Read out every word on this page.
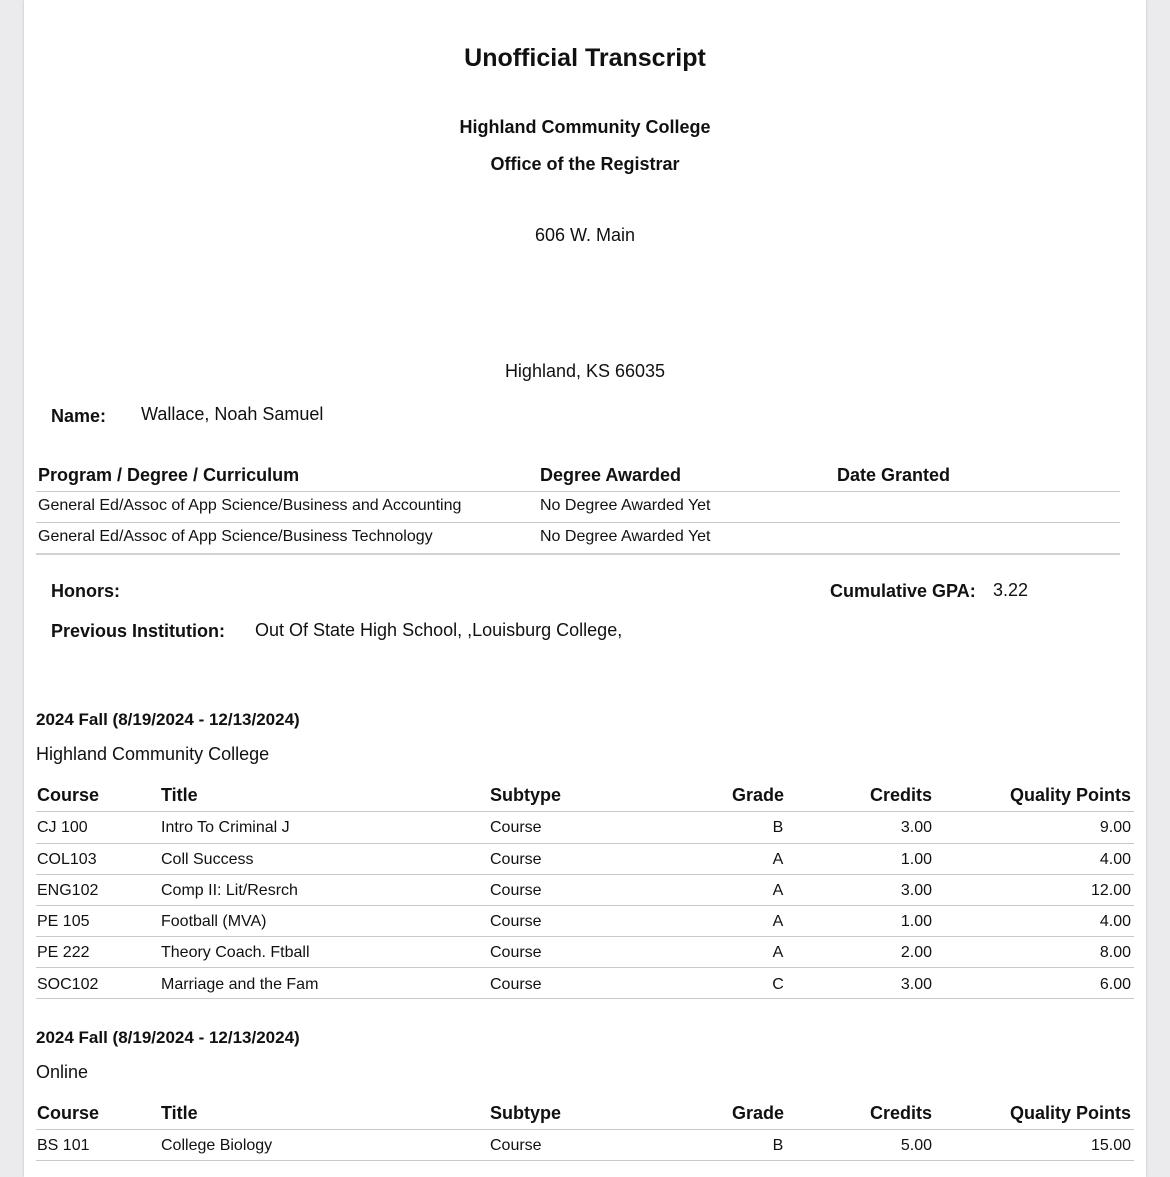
Unofficial Transcript
Highland Community College
Office of the Registrar
606 W. Main
Highland, KS 66035
Name: Wallace, Noah Samuel
Program / Degree / Curriculum	Degree Awarded	Date Granted
General Ed/Assoc of App Science/Business and Accounting	No Degree Awarded Yet
General Ed/Assoc of App Science/Business Technology	No Degree Awarded Yet
Honors:	Cumulative GPA: 3.22
Previous Institution: Out Of State High School, ,Louisburg College,
2024 Fall (8/19/2024 - 12/13/2024)
Highland Community College
Course	Title	Subtype	Grade	Credits	Quality Points
CJ 100	Intro To Criminal J	Course	B	3.00	9.00
COL103	Coll Success	Course	A	1.00	4.00
ENG102	Comp II: Lit/Resrch	Course	A	3.00	12.00
PE 105	Football (MVA)	Course	A	1.00	4.00
PE 222	Theory Coach. Ftball	Course	A	2.00	8.00
SOC102	Marriage and the Fam	Course	C	3.00	6.00
2024 Fall (8/19/2024 - 12/13/2024)
Online
Course	Title	Subtype	Grade	Credits	Quality Points
BS 101	College Biology	Course	B	5.00	15.00
